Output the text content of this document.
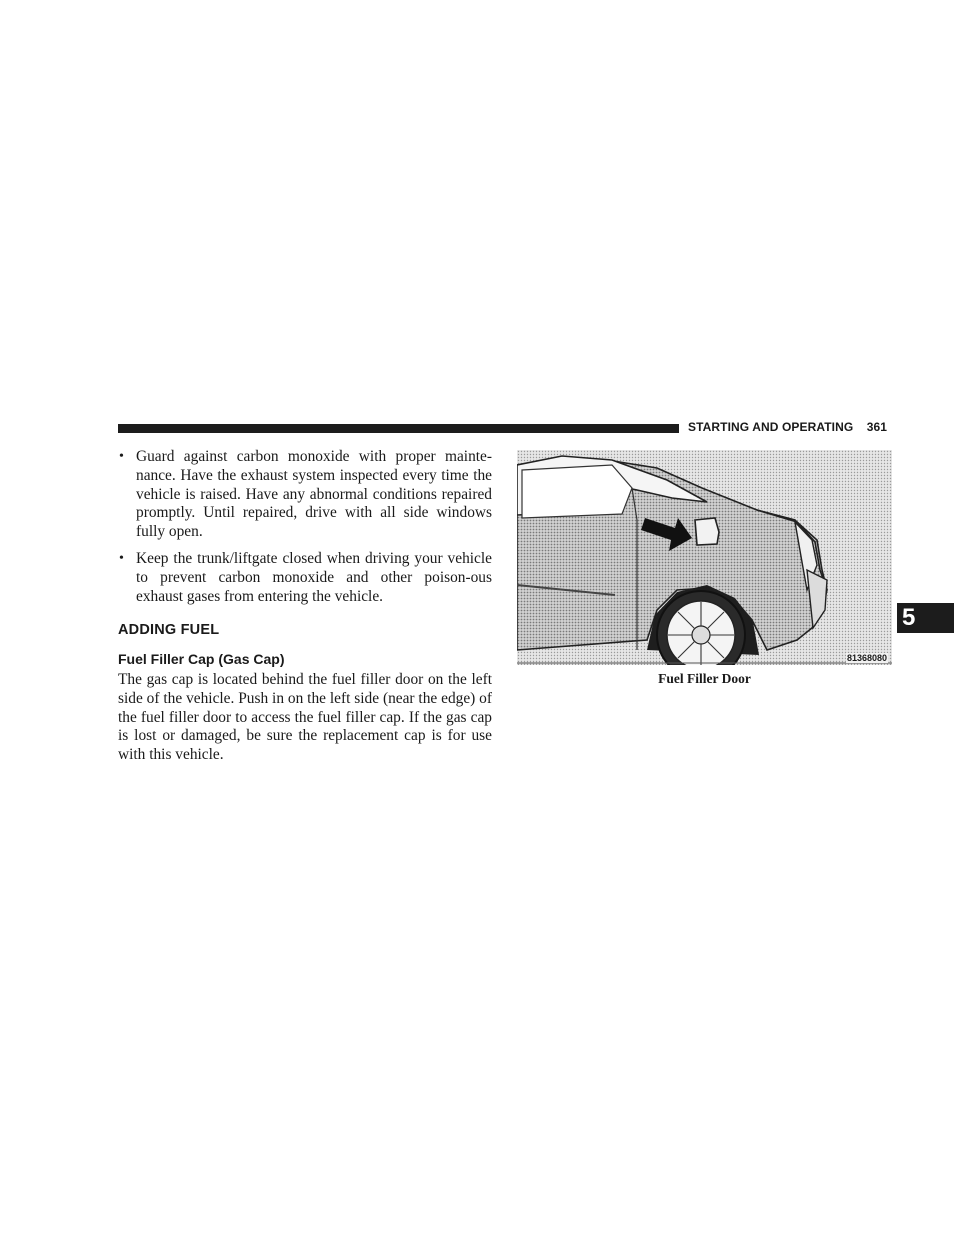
STARTING AND OPERATING 361
5
• Guard against carbon monoxide with proper mainte-nance. Have the exhaust system inspected every time the vehicle is raised. Have any abnormal conditions repaired promptly. Until repaired, drive with all side windows fully open.
• Keep the trunk/liftgate closed when driving your vehicle to prevent carbon monoxide and other poison-ous exhaust gases from entering the vehicle.
ADDING FUEL
Fuel Filler Cap (Gas Cap)

The gas cap is located behind the fuel filler door on the left side of the vehicle. Push in on the left side (near the edge) of the fuel filler door to access the fuel filler cap. If the gas cap is lost or damaged, be sure the replacement cap is for use with this vehicle.

81368080
Fuel Filler Door
